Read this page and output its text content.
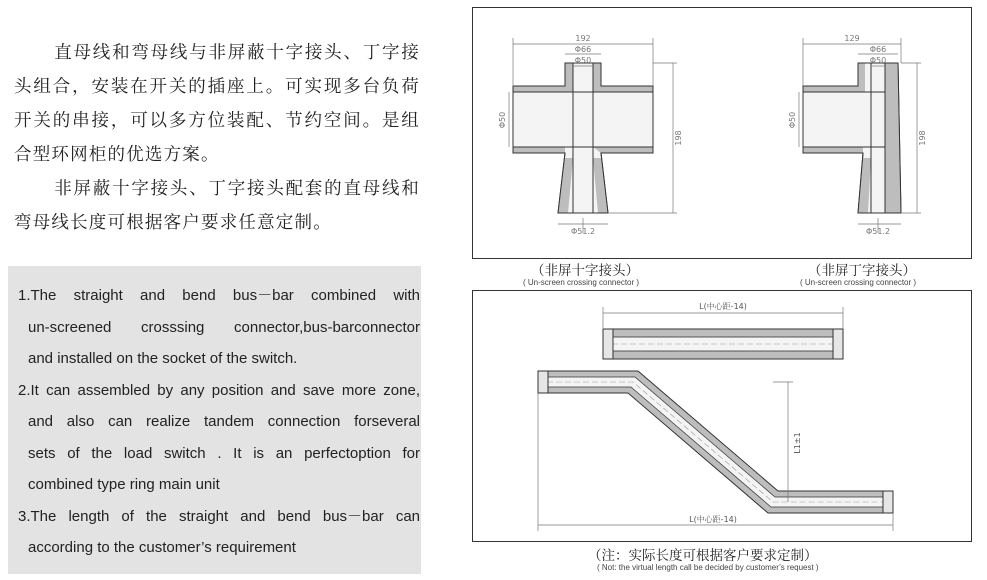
直母线和弯母线与非屏蔽十字接头、丁字接头组合，安装在开关的插座上。可实现多台负荷开关的串接，可以多方位装配、节约空间。是组合型环网柜的优选方案。

非屏蔽十字接头、丁字接头配套的直母线和弯母线长度可根据客户要求任意定制。

1.The straight and bend bus－bar combined with
un-screened crosssing connector,bus-barconnector
and installed on the socket of the switch.
2.It can assembled by any position and save more zone,
and also can realize tandem connection forseveral
sets of the load switch . It is an perfectoption for
combined type ring main unit
3.The length of the straight and bend bus－bar can
according to the customer’s requirement
192
Φ66
Φ50
Φ50
198
Φ51.2
129
Φ66
Φ50
Φ50
198
Φ51.2
（非屏十字接头）
( Un-screen crossing connector )
（非屏丁字接头）
( Un-screen crossing connector )
L(中心距-14)
L1±1
L(中心距-14)
（注：实际长度可根据客户要求定制）
( Not: the virtual length call be decided by customer’s request )
